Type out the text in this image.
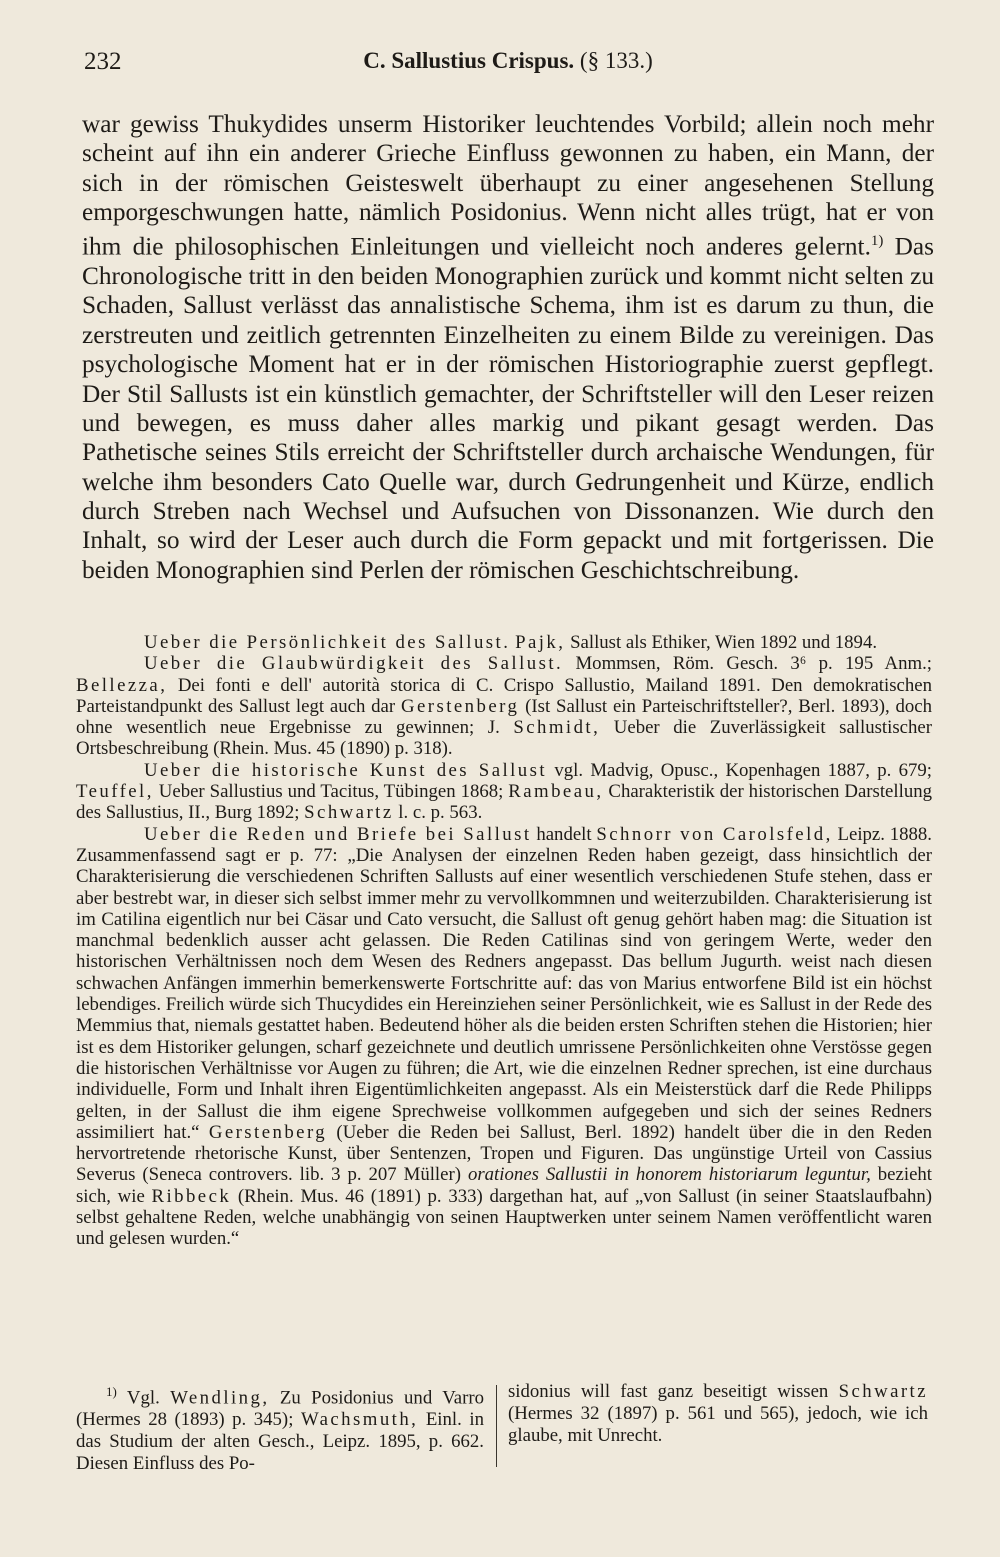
232	C. Sallustius Crispus. (§ 133.)

war gewiss Thukydides unserm Historiker leuchtendes Vorbild; allein noch mehr scheint auf ihn ein anderer Grieche Einfluss gewonnen zu haben, ein Mann, der sich in der römischen Geisteswelt überhaupt zu einer angesehenen Stellung emporgeschwungen hatte, nämlich Posidonius. Wenn nicht alles trügt, hat er von ihm die philosophischen Einleitungen und vielleicht noch anderes gelernt.$^{1)}$ Das Chronologische tritt in den beiden Monographien zurück und kommt nicht selten zu Schaden, Sallust verlässt das annalistische Schema, ihm ist es darum zu thun, die zerstreuten und zeitlich getrennten Einzelheiten zu einem Bilde zu vereinigen. Das psychologische Moment hat er in der römischen Historiographie zuerst gepflegt. Der Stil Sallusts ist ein künstlich gemachter, der Schriftsteller will den Leser reizen und bewegen, es muss daher alles markig und pikant gesagt werden. Das Pathetische seines Stils erreicht der Schriftsteller durch archaische Wendungen, für welche ihm besonders Cato Quelle war, durch Gedrungenheit und Kürze, endlich durch Streben nach Wechsel und Aufsuchen von Dissonanzen. Wie durch den Inhalt, so wird der Leser auch durch die Form gepackt und mit fortgerissen. Die beiden Monographien sind Perlen der römischen Geschichtschreibung.

Ueber die Persönlichkeit des Sallust. Pajk, Sallust als Ethiker, Wien 1892 und 1894.

Ueber die Glaubwürdigkeit des Sallust. Mommsen, Röm. Gesch. 3⁶ p. 195 Anm.; Bellezza, Dei fonti e dell' autorità storica di C. Crispo Sallustio, Mailand 1891. Den demokratischen Parteistandpunkt des Sallust legt auch dar Gerstenberg (Ist Sallust ein Parteischriftsteller?, Berl. 1893), doch ohne wesentlich neue Ergebnisse zu gewinnen; J. Schmidt, Ueber die Zuverlässigkeit sallustischer Ortsbeschreibung (Rhein. Mus. 45 (1890) p. 318).

Ueber die historische Kunst des Sallust vgl. Madvig, Opusc., Kopenhagen 1887, p. 679; Teuffel, Ueber Sallustius und Tacitus, Tübingen 1868; Rambeau, Charakteristik der historischen Darstellung des Sallustius, II., Burg 1892; Schwartz l. c. p. 563.

Ueber die Reden und Briefe bei Sallust handelt Schnorr von Carolsfeld, Leipz. 1888. Zusammenfassend sagt er p. 77: „Die Analysen der einzelnen Reden haben gezeigt, dass hinsichtlich der Charakterisierung die verschiedenen Schriften Sallusts auf einer wesentlich verschiedenen Stufe stehen, dass er aber bestrebt war, in dieser sich selbst immer mehr zu vervollkommnen und weiterzubilden. Charakterisierung ist im Catilina eigentlich nur bei Cäsar und Cato versucht, die Sallust oft genug gehört haben mag: die Situation ist manchmal bedenklich ausser acht gelassen. Die Reden Catilinas sind von geringem Werte, weder den historischen Verhältnissen noch dem Wesen des Redners angepasst. Das bellum Jugurth. weist nach diesen schwachen Anfängen immerhin bemerkenswerte Fortschritte auf: das von Marius entworfene Bild ist ein höchst lebendiges. Freilich würde sich Thucydides ein Hereinziehen seiner Persönlichkeit, wie es Sallust in der Rede des Memmius that, niemals gestattet haben. Bedeutend höher als die beiden ersten Schriften stehen die Historien; hier ist es dem Historiker gelungen, scharf gezeichnete und deutlich umrissene Persönlichkeiten ohne Verstösse gegen die historischen Verhältnisse vor Augen zu führen; die Art, wie die einzelnen Redner sprechen, ist eine durchaus individuelle, Form und Inhalt ihren Eigentümlichkeiten angepasst. Als ein Meisterstück darf die Rede Philipps gelten, in der Sallust die ihm eigene Sprechweise vollkommen aufgegeben und sich der seines Redners assimiliert hat.“ Gerstenberg (Ueber die Reden bei Sallust, Berl. 1892) handelt über die in den Reden hervortretende rhetorische Kunst, über Sentenzen, Tropen und Figuren. Das ungünstige Urteil von Cassius Severus (Seneca controvers. lib. 3 p. 207 Müller) orationes Sallustii in honorem historiarum leguntur, bezieht sich, wie Ribbeck (Rhein. Mus. 46 (1891) p. 333) dargethan hat, auf „von Sallust (in seiner Staatslaufbahn) selbst gehaltene Reden, welche unabhängig von seinen Hauptwerken unter seinem Namen veröffentlicht waren und gelesen wurden.“

$^{1)}$ Vgl. Wendling, Zu Posidonius und Varro (Hermes 28 (1893) p. 345); Wachsmuth, Einl. in das Studium der alten Gesch., Leipz. 1895, p. 662. Diesen Einfluss des Po-
sidonius will fast ganz beseitigt wissen Schwartz (Hermes 32 (1897) p. 561 und 565), jedoch, wie ich glaube, mit Unrecht.
